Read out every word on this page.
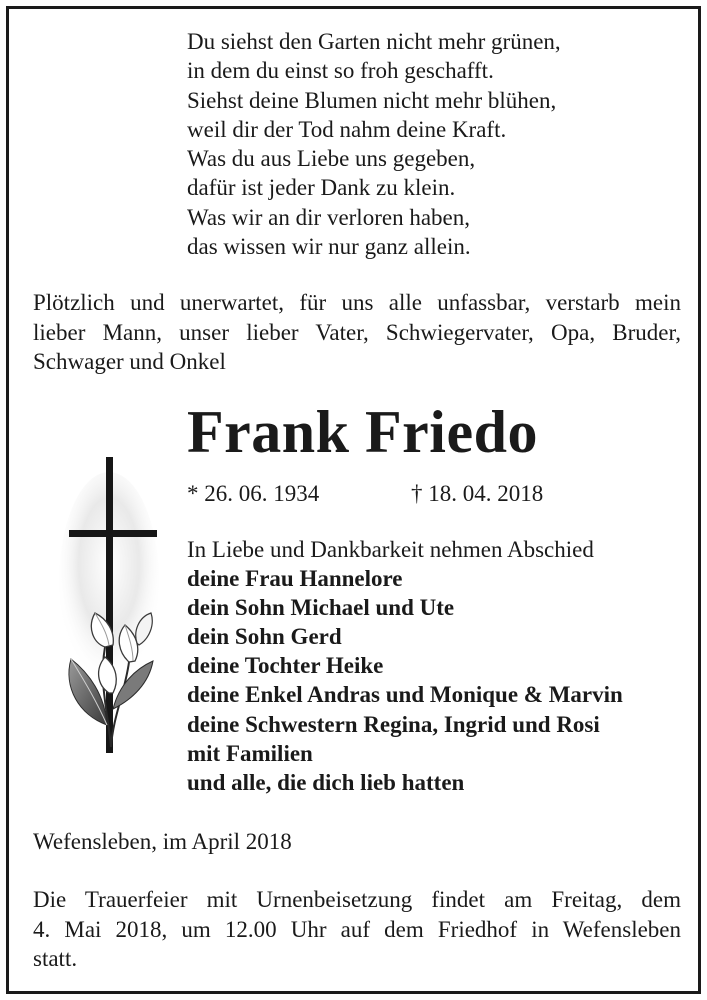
Du siehst den Garten nicht mehr grünen,
in dem du einst so froh geschafft.
Siehst deine Blumen nicht mehr blühen,
weil dir der Tod nahm deine Kraft.
Was du aus Liebe uns gegeben,
dafür ist jeder Dank zu klein.
Was wir an dir verloren haben,
das wissen wir nur ganz allein.
Plötzlich und unerwartet, für uns alle unfassbar, verstarb mein
lieber Mann, unser lieber Vater, Schwiegervater, Opa, Bruder,
Schwager und Onkel
Frank Friedo
* 26. 06. 1934	† 18. 04. 2018
In Liebe und Dankbarkeit nehmen Abschied
deine Frau Hannelore
dein Sohn Michael und Ute
dein Sohn Gerd
deine Tochter Heike
deine Enkel Andras und Monique & Marvin
deine Schwestern Regina, Ingrid und Rosi
mit Familien
und alle, die dich lieb hatten
Wefensleben, im April 2018
Die Trauerfeier mit Urnenbeisetzung findet am Freitag, dem
4. Mai 2018, um 12.00 Uhr auf dem Friedhof in Wefensleben
statt.
